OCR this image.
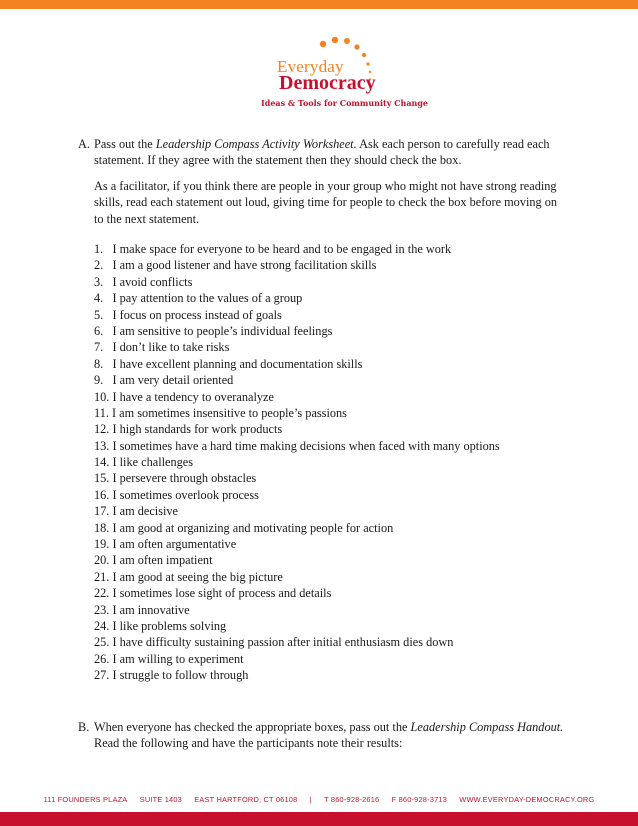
Everyday
Democracy
Ideas & Tools for Community Change
A. Pass out the Leadership Compass Activity Worksheet. Ask each person to carefully read each statement. If they agree with the statement then they should check the box.

As a facilitator, if you think there are people in your group who might not have strong reading skills, read each statement out loud, giving time for people to check the box before moving on to the next statement.

1.   I make space for everyone to be heard and to be engaged in the work
2.   I am a good listener and have strong facilitation skills
3.   I avoid conflicts
4.   I pay attention to the values of a group
5.   I focus on process instead of goals
6.   I am sensitive to people’s individual feelings
7.   I don’t like to take risks
8.   I have excellent planning and documentation skills
9.   I am very detail oriented
10. I have a tendency to overanalyze
11. I am sometimes insensitive to people’s passions
12. I high standards for work products
13. I sometimes have a hard time making decisions when faced with many options
14. I like challenges
15. I persevere through obstacles
16. I sometimes overlook process
17. I am decisive
18. I am good at organizing and motivating people for action
19. I am often argumentative
20. I am often impatient
21. I am good at seeing the big picture
22. I sometimes lose sight of process and details
23. I am innovative
24. I like problems solving
25. I have difficulty sustaining passion after initial enthusiasm dies down
26. I am willing to experiment
27. I struggle to follow through
B. When everyone has checked the appropriate boxes, pass out the Leadership Compass Handout. Read the following and have the participants note their results:

111 FOUNDERS PLAZA SUITE 1403 EAST HARTFORD, CT 06108 | T 860-928-2616 F 860-928-3713 WWW.EVERYDAY-DEMOCRACY.ORG
